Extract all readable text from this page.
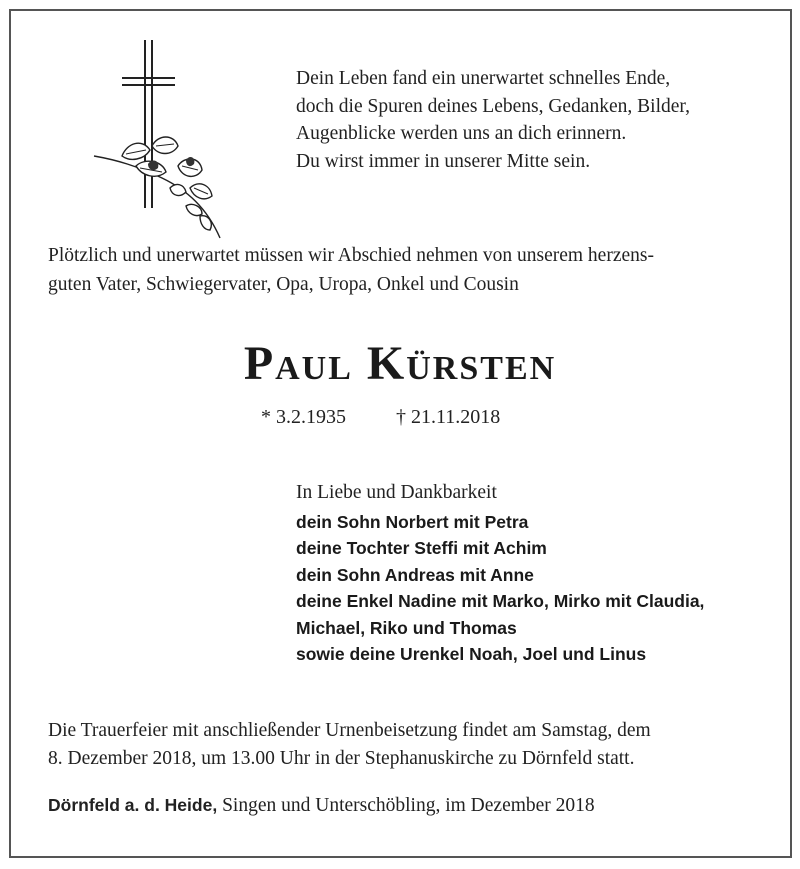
Dein Leben fand ein unerwartet schnelles Ende,
doch die Spuren deines Lebens, Gedanken, Bilder,
Augenblicke werden uns an dich erinnern.
Du wirst immer in unserer Mitte sein.
Plötzlich und unerwartet müssen wir Abschied nehmen von unserem herzens-
guten Vater, Schwiegervater, Opa, Uropa, Onkel und Cousin
Paul Kürsten
* 3.2.1935	† 21.11.2018
In Liebe und Dankbarkeit
dein Sohn Norbert mit Petra
deine Tochter Steffi mit Achim
dein Sohn Andreas mit Anne
deine Enkel Nadine mit Marko, Mirko mit Claudia,
Michael, Riko und Thomas
sowie deine Urenkel Noah, Joel und Linus
Die Trauerfeier mit anschließender Urnenbeisetzung findet am Samstag, dem
8. Dezember 2018, um 13.00 Uhr in der Stephanuskirche zu Dörnfeld statt.
Dörnfeld a. d. Heide, Singen und Unterschöbling, im Dezember 2018
